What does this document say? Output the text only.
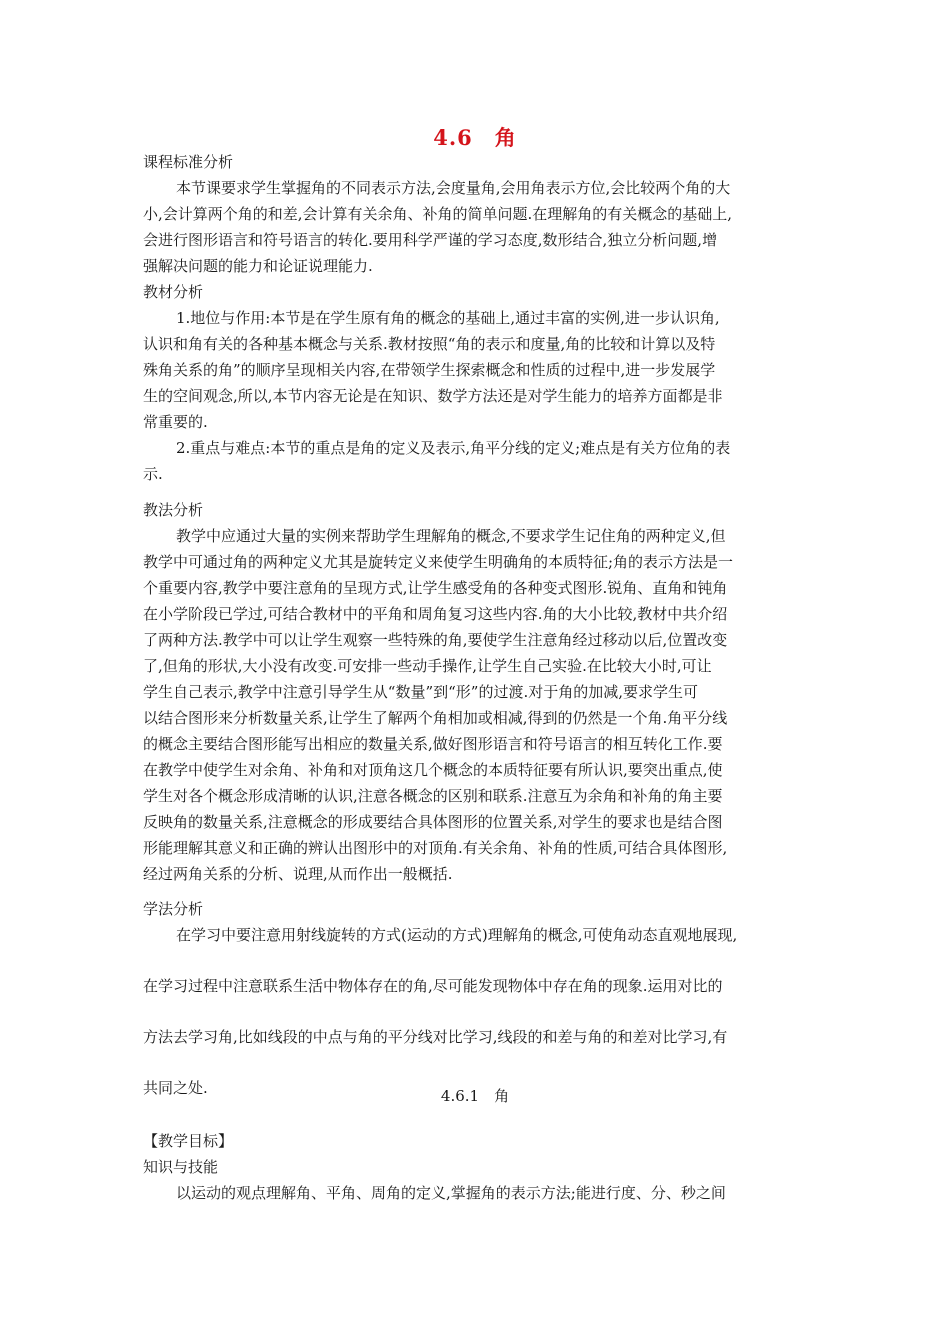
4.6　角
课程标准分析
本节课要求学生掌握角的不同表示方法,会度量角,会用角表示方位,会比较两个角的大
小,会计算两个角的和差,会计算有关余角、补角的简单问题.在理解角的有关概念的基础上,
会进行图形语言和符号语言的转化.要用科学严谨的学习态度,数形结合,独立分析问题,增
强解决问题的能力和论证说理能力.
教材分析
1.地位与作用:本节是在学生原有角的概念的基础上,通过丰富的实例,进一步认识角,
认识和角有关的各种基本概念与关系.教材按照“角的表示和度量,角的比较和计算以及特
殊角关系的角”的顺序呈现相关内容,在带领学生探索概念和性质的过程中,进一步发展学
生的空间观念,所以,本节内容无论是在知识、数学方法还是对学生能力的培养方面都是非
常重要的.
2.重点与难点:本节的重点是角的定义及表示,角平分线的定义;难点是有关方位角的表
示.
教法分析
教学中应通过大量的实例来帮助学生理解角的概念,不要求学生记住角的两种定义,但
教学中可通过角的两种定义尤其是旋转定义来使学生明确角的本质特征;角的表示方法是一
个重要内容,教学中要注意角的呈现方式,让学生感受角的各种变式图形.锐角、直角和钝角
在小学阶段已学过,可结合教材中的平角和周角复习这些内容.角的大小比较,教材中共介绍
了两种方法.教学中可以让学生观察一些特殊的角,要使学生注意角经过移动以后,位置改变
了,但角的形状,大小没有改变.可安排一些动手操作,让学生自己实验.在比较大小时,可让
学生自己表示,教学中注意引导学生从“数量”到“形”的过渡.对于角的加减,要求学生可
以结合图形来分析数量关系,让学生了解两个角相加或相减,得到的仍然是一个角.角平分线
的概念主要结合图形能写出相应的数量关系,做好图形语言和符号语言的相互转化工作.要
在教学中使学生对余角、补角和对顶角这几个概念的本质特征要有所认识,要突出重点,使
学生对各个概念形成清晰的认识,注意各概念的区别和联系.注意互为余角和补角的角主要
反映角的数量关系,注意概念的形成要结合具体图形的位置关系,对学生的要求也是结合图
形能理解其意义和正确的辨认出图形中的对顶角.有关余角、补角的性质,可结合具体图形,
经过两角关系的分析、说理,从而作出一般概括.
学法分析
在学习中要注意用射线旋转的方式(运动的方式)理解角的概念,可使角动态直观地展现,
在学习过程中注意联系生活中物体存在的角,尽可能发现物体中存在角的现象.运用对比的
方法去学习角,比如线段的中点与角的平分线对比学习,线段的和差与角的和差对比学习,有
共同之处.	4.6.1　角
【教学目标】
知识与技能
以运动的观点理解角、平角、周角的定义,掌握角的表示方法;能进行度、分、秒之间
